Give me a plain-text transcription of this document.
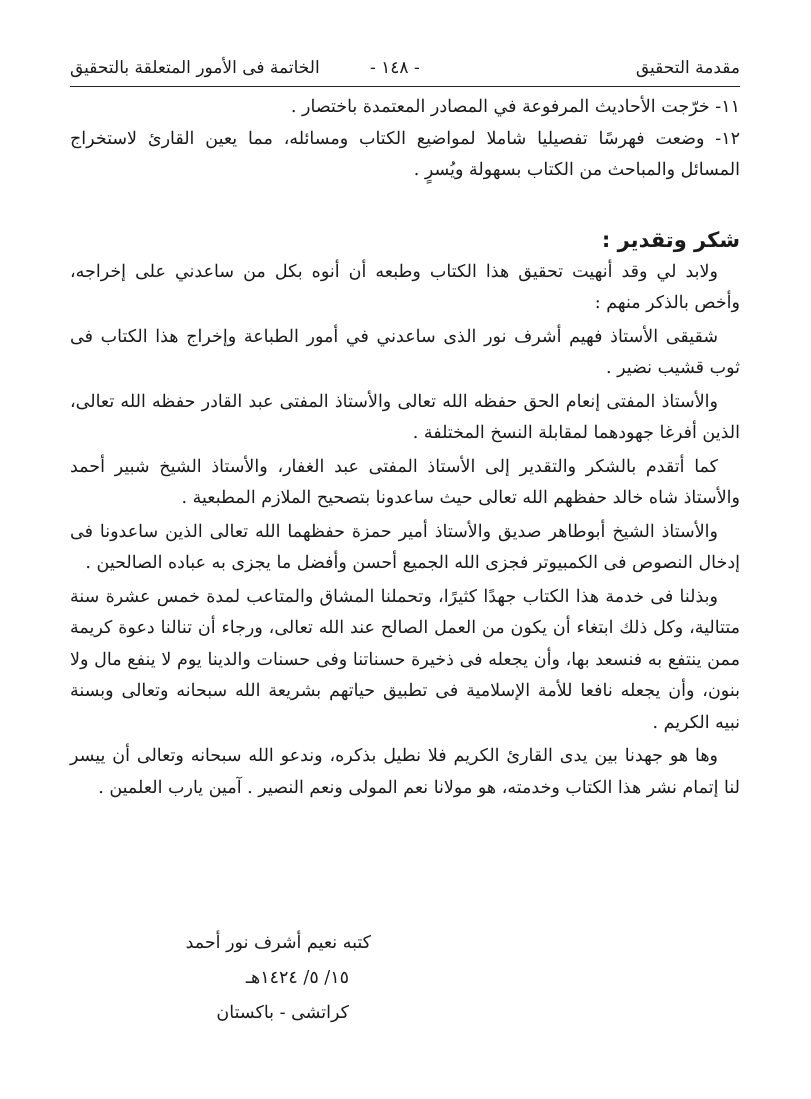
مقدمة التحقيق
- ١٤٨ -
الخاتمة فى الأمور المتعلقة بالتحقيق

١١- خرّجت الأحاديث المرفوعة في المصادر المعتمدة باختصار .

١٢- وضعت فهرسًا تفصيليا شاملا لمواضيع الكتاب ومسائله، مما يعين القارئ لاستخراج المسائل والمباحث من الكتاب بسهولة ويُسرٍ .

شكر وتقدير :

ولابد لي وقد أنهيت تحقيق هذا الكتاب وطبعه أن أنوه بكل من ساعدني على إخراجه، وأخص بالذكر منهم :

شقيقى الأستاذ فهيم أشرف نور الذى ساعدني في أمور الطباعة وإخراج هذا الكتاب فى ثوب قشيب نضير .

والأستاذ المفتى إنعام الحق حفظه الله تعالى والأستاذ المفتى عبد القادر حفظه الله تعالى، الذين أفرغا جهودهما لمقابلة النسخ المختلفة .

كما أتقدم بالشكر والتقدير إلى الأستاذ المفتى عبد الغفار، والأستاذ الشيخ شبير أحمد والأستاذ شاه خالد حفظهم الله تعالى حيث ساعدونا بتصحيح الملازم المطبعية .

والأستاذ الشيخ أبوطاهر صديق والأستاذ أمير حمزة حفظهما الله تعالى الذين ساعدونا فى إدخال النصوص فى الكمبيوتر فجزى الله الجميع أحسن وأفضل ما يجزى به عباده الصالحين .

وبذلنا فى خدمة هذا الكتاب جهدًا كثيرًا، وتحملنا المشاق والمتاعب لمدة خمس عشرة سنة متتالية، وكل ذلك ابتغاء أن يكون من العمل الصالح عند الله تعالى، ورجاء أن تنالنا دعوة كريمة ممن ينتفع به فنسعد بها، وأن يجعله فى ذخيرة حسناتنا وفى حسنات والدينا يوم لا ينفع مال ولا بنون، وأن يجعله نافعا للأمة الإسلامية فى تطبيق حياتهم بشريعة الله سبحانه وتعالى وبسنة نبيه الكريم .

وها هو جهدنا بين يدى القارئ الكريم فلا نطيل بذكره، وندعو الله سبحانه وتعالى أن ييسر لنا إتمام نشر هذا الكتاب وخدمته، هو مولانا نعم المولى ونعم النصير . آمين يارب العلمين .

كتبه نعيم أشرف نور أحمد

١٥/ ٥/ ١٤٢٤هـ

كراتشى - باكستان
